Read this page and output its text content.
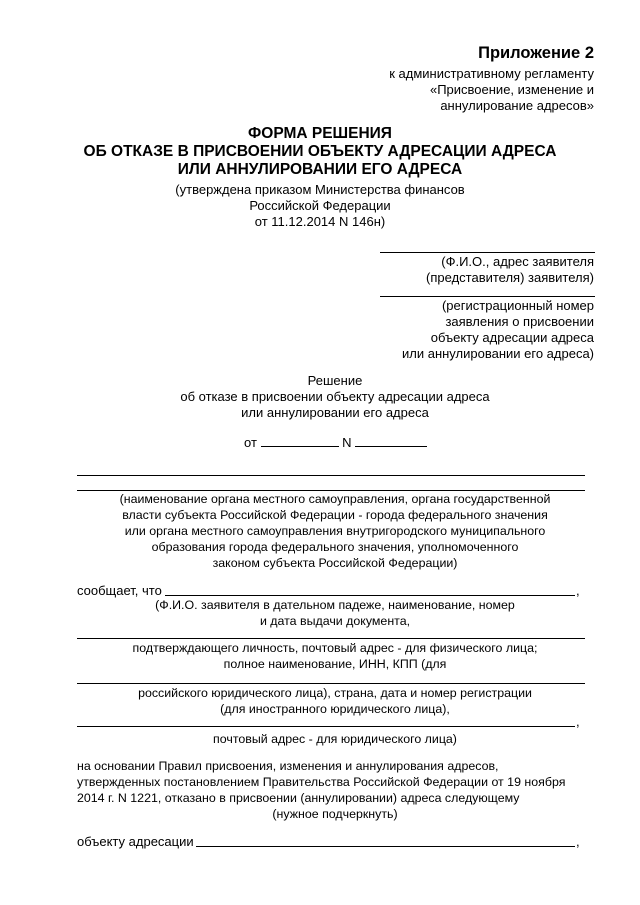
Приложение 2
к административному регламенту
«Присвоение, изменение и
аннулирование адресов»
ФОРМА РЕШЕНИЯ
ОБ ОТКАЗЕ В ПРИСВОЕНИИ ОБЪЕКТУ АДРЕСАЦИИ АДРЕСА
ИЛИ АННУЛИРОВАНИИ ЕГО АДРЕСА
(утверждена приказом Министерства финансов
Российской Федерации
от 11.12.2014 N 146н)
(Ф.И.О., адрес заявителя
(представителя) заявителя)
(регистрационный номер
заявления о присвоении
объекту адресации адреса
или аннулировании его адреса)
Решение
об отказе в присвоении объекту адресации адреса
или аннулировании его адреса
от	N
(наименование органа местного самоуправления, органа государственной
власти субъекта Российской Федерации - города федерального значения
или органа местного самоуправления внутригородского муниципального
образования города федерального значения, уполномоченного
законом субъекта Российской Федерации)
сообщает, что	,
(Ф.И.О. заявителя в дательном падеже, наименование, номер
и дата выдачи документа,
подтверждающего личность, почтовый адрес - для физического лица;
полное наименование, ИНН, КПП (для
российского юридического лица), страна, дата и номер регистрации
(для иностранного юридического лица),
,
почтовый адрес - для юридического лица)
на основании Правил присвоения, изменения и аннулирования адресов,
утвержденных постановлением Правительства Российской Федерации от 19 ноября
2014 г. N 1221, отказано в присвоении (аннулировании) адреса следующему
(нужное подчеркнуть)
объекту адресации	,
